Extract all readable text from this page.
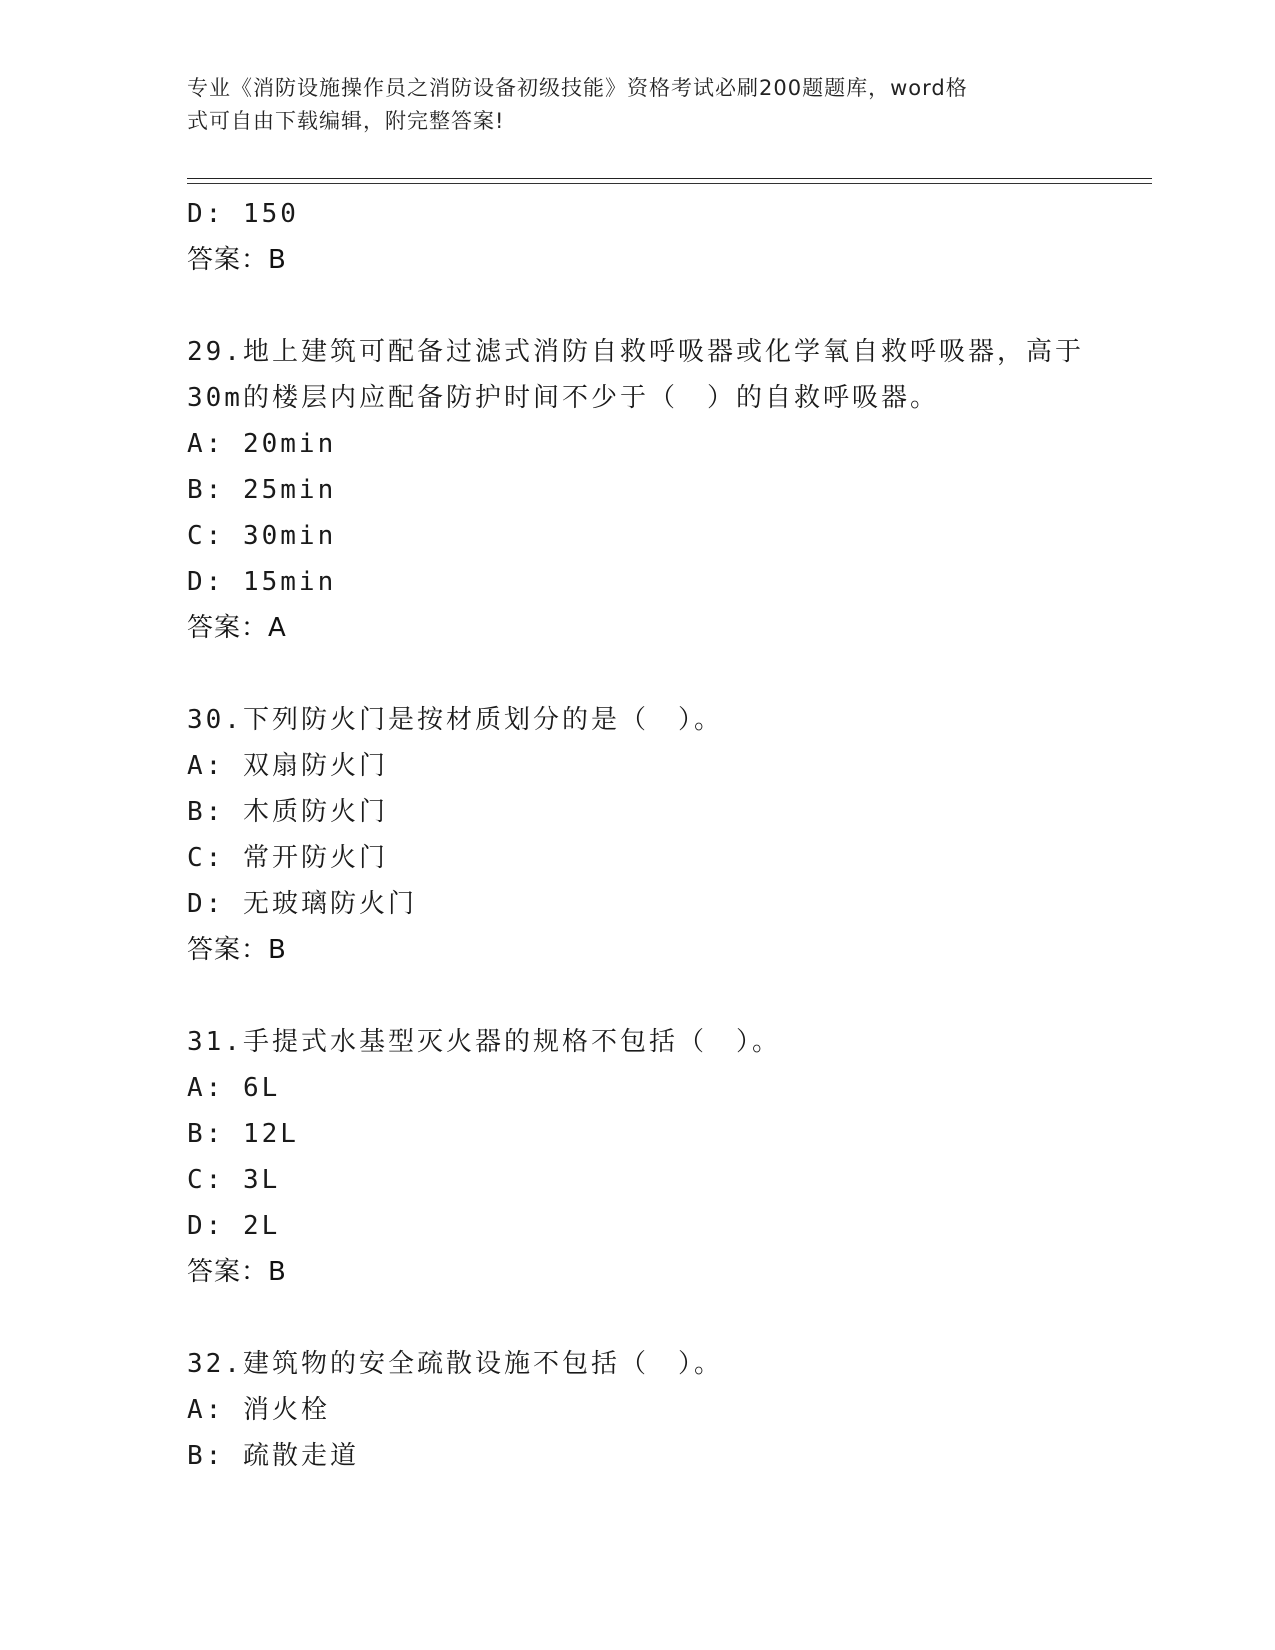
专业《消防设施操作员之消防设备初级技能》资格考试必刷200题题库，word格
式可自由下载编辑，附完整答案!
D: 150
答案：B
29.地上建筑可配备过滤式消防自救呼吸器或化学氧自救呼吸器，高于
30m的楼层内应配备防护时间不少于（　）的自救呼吸器。
A: 20min
B: 25min
C: 30min
D: 15min
答案：A
30.下列防火门是按材质划分的是（　）。
A: 双扇防火门
B: 木质防火门
C: 常开防火门
D: 无玻璃防火门
答案：B
31.手提式水基型灭火器的规格不包括（　）。
A: 6L
B: 12L
C: 3L
D: 2L
答案：B
32.建筑物的安全疏散设施不包括（　）。
A: 消火栓
B: 疏散走道
